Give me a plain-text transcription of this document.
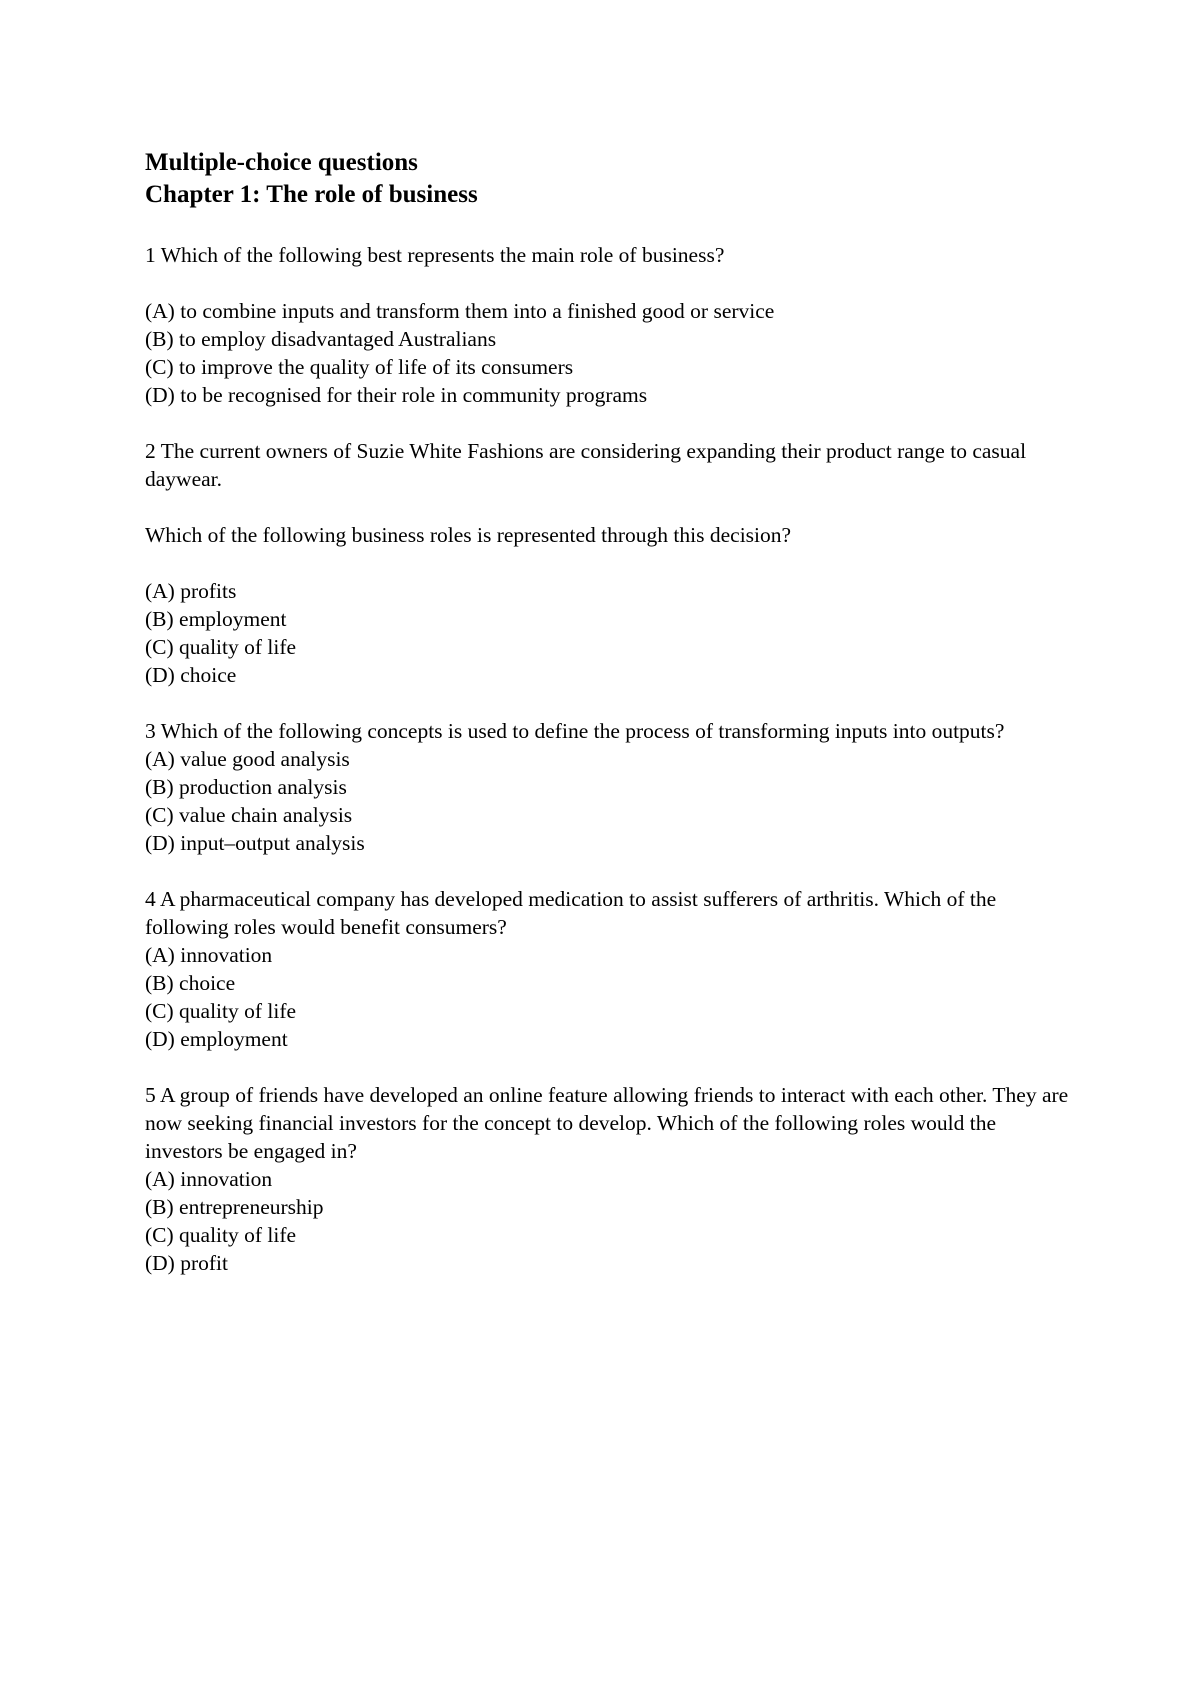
Multiple-choice questions
Chapter 1: The role of business

1 Which of the following best represents the main role of business?

(A) to combine inputs and transform them into a finished good or service
(B) to employ disadvantaged Australians
(C) to improve the quality of life of its consumers
(D) to be recognised for their role in community programs

2 The current owners of Suzie White Fashions are considering expanding their product range to casual daywear.

Which of the following business roles is represented through this decision?

(A) profits
(B) employment
(C) quality of life
(D) choice

3 Which of the following concepts is used to define the process of transforming inputs into outputs?

(A) value good analysis
(B) production analysis
(C) value chain analysis
(D) input–output analysis

4 A pharmaceutical company has developed medication to assist sufferers of arthritis. Which of the following roles would benefit consumers?

(A) innovation
(B) choice
(C) quality of life
(D) employment

5 A group of friends have developed an online feature allowing friends to interact with each other. They are now seeking financial investors for the concept to develop. Which of the following roles would the investors be engaged in?

(A) innovation
(B) entrepreneurship
(C) quality of life
(D) profit
